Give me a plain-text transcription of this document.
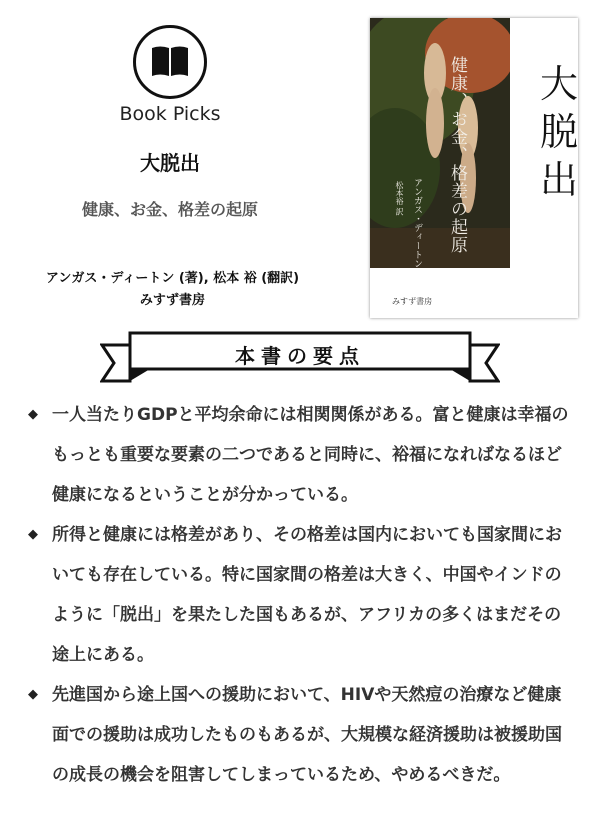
Book Picks
大脱出
健康、お金、格差の起原
アンガス・ディートン (著), 松本 裕 (翻訳)
みすず書房
大脱出
健康、お金、格差の起原
アンガス・ディートン
松本裕 訳
みすず書房
本書の要点
◆ 一人当たりGDPと平均余命には相関関係がある。富と健康は幸福のもっとも重要な要素の二つであると同時に、裕福になればなるほど健康になるということが分かっている。
◆ 所得と健康には格差があり、その格差は国内においても国家間においても存在している。特に国家間の格差は大きく、中国やインドのように「脱出」を果たした国もあるが、アフリカの多くはまだその途上にある。
◆ 先進国から途上国への援助において、HIVや天然痘の治療など健康面での援助は成功したものもあるが、大規模な経済援助は被援助国の成長の機会を阻害してしまっているため、やめるべきだ。
